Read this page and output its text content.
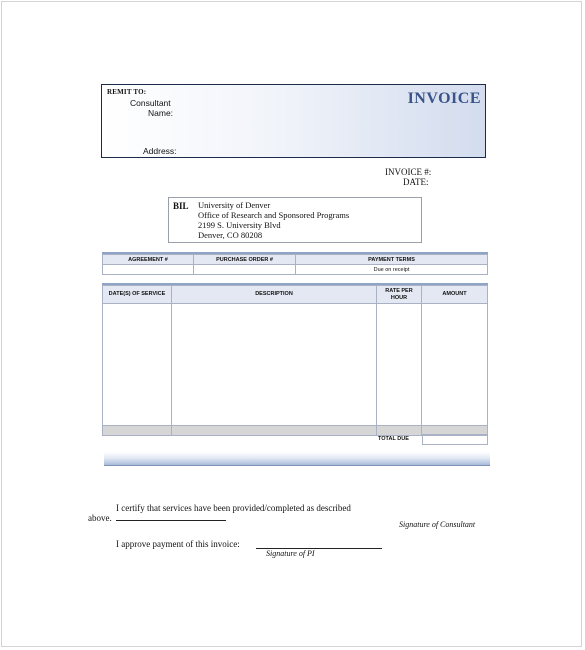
REMIT TO:
Consultant
Name:
Address:
INVOICE
INVOICE #:
DATE:
BIL University of Denver
Office of Research and Sponsored Programs
2199 S. University Blvd
Denver, CO 80208
AGREEMENT #	PURCHASE ORDER #	PAYMENT TERMS
		Due on receipt
DATE(S) OF SERVICE	DESCRIPTION	RATE PER HOUR	AMOUNT

TOTAL DUE
I certify that services have been provided/completed as described
above.
Signature of Consultant
I approve payment of this invoice:
Signature of PI
